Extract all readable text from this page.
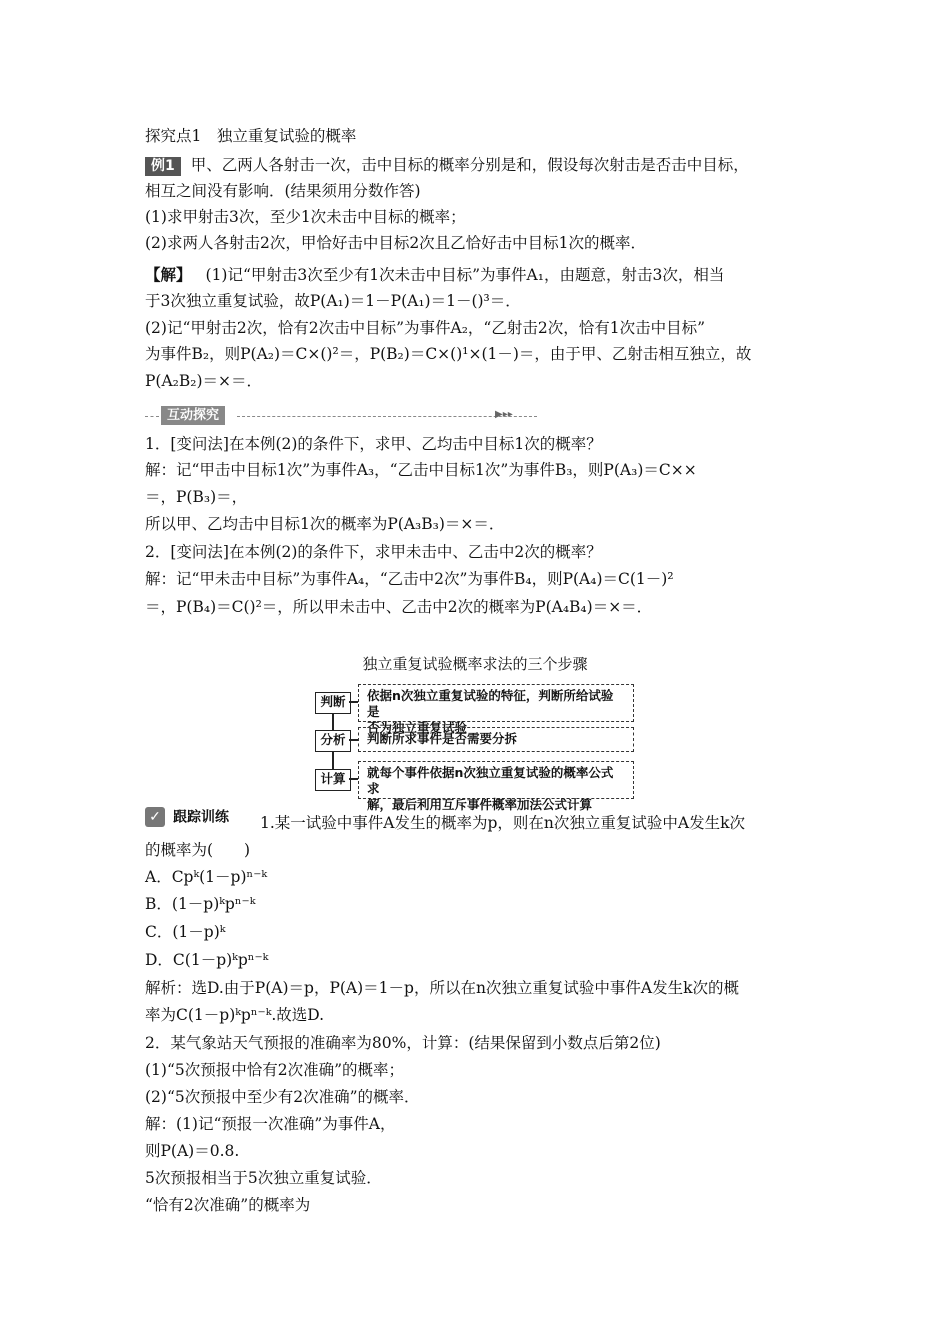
探究点1　独立重复试验的概率
例1 甲、乙两人各射击一次，击中目标的概率分别是和，假设每次射击是否击中目标，
相互之间没有影响．(结果须用分数作答)
(1)求甲射击3次，至少1次未击中目标的概率；
(2)求两人各射击2次，甲恰好击中目标2次且乙恰好击中目标1次的概率．
【解】 (1)记“甲射击3次至少有1次未击中目标”为事件A₁，由题意，射击3次，相当
于3次独立重复试验，故P(A₁)＝1－P(A₁)＝1－()³＝．
(2)记“甲射击2次，恰有2次击中目标”为事件A₂，“乙射击2次，恰有1次击中目标”
为事件B₂，则P(A₂)＝C×()²＝，P(B₂)＝C×()¹×(1－)＝，由于甲、乙射击相互独立，故
P(A₂B₂)＝×＝．
互动探究	▶▸▸
1．[变问法]在本例(2)的条件下，求甲、乙均击中目标1次的概率？
解：记“甲击中目标1次”为事件A₃，“乙击中目标1次”为事件B₃，则P(A₃)＝C××
＝，P(B₃)＝，
所以甲、乙均击中目标1次的概率为P(A₃B₃)＝×＝．
2．[变问法]在本例(2)的条件下，求甲未击中、乙击中2次的概率？
解：记“甲未击中目标”为事件A₄，“乙击中2次”为事件B₄，则P(A₄)＝C(1－)²
＝，P(B₄)＝C()²＝，所以甲未击中、乙击中2次的概率为P(A₄B₄)＝×＝．
独立重复试验概率求法的三个步骤
判断	依据n次独立重复试验的特征，判断所给试验是
否为独立重复试验
分析	判断所求事件是否需要分拆
计算	就每个事件依据n次独立重复试验的概率公式求
解，最后利用互斥事件概率加法公式计算
✓ 跟踪训练 1.某一试验中事件A发生的概率为p，则在n次独立重复试验中A发生k次
的概率为(　　)
A．Cpᵏ(1－p)ⁿ⁻ᵏ
B．(1－p)ᵏpⁿ⁻ᵏ
C．(1－p)ᵏ
D．C(1－p)ᵏpⁿ⁻ᵏ
解析：选D.由于P(A)＝p，P(A)＝1－p，所以在n次独立重复试验中事件A发生k次的概
率为C(1－p)ᵏpⁿ⁻ᵏ.故选D.
2．某气象站天气预报的准确率为80%，计算：(结果保留到小数点后第2位)
(1)“5次预报中恰有2次准确”的概率；
(2)“5次预报中至少有2次准确”的概率．
解：(1)记“预报一次准确”为事件A，
则P(A)＝0.8.
5次预报相当于5次独立重复试验．
“恰有2次准确”的概率为
